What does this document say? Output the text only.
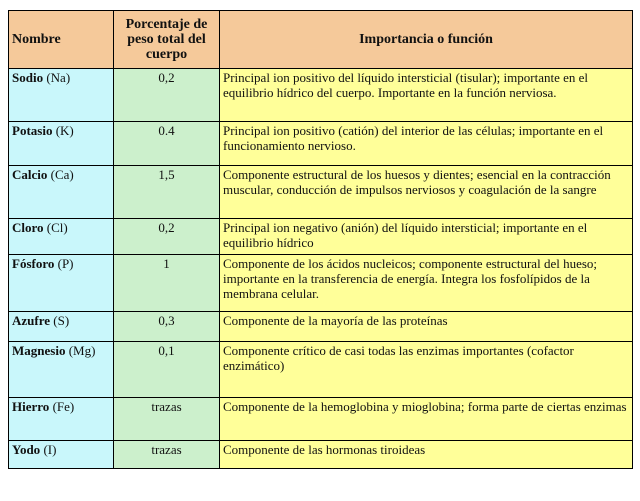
Nombre	Porcentaje de peso total del cuerpo	Importancia o función
Sodio (Na)	0,2	Principal ion positivo del líquido intersticial (tisular); importante en el equilibrio hídrico del cuerpo. Importante en la función nerviosa.
Potasio (K)	0.4	Principal ion positivo (catión) del interior de las células; importante en el funcionamiento nervioso.
Calcio (Ca)	1,5	Componente estructural de los huesos y dientes; esencial en la contracción muscular, conducción de impulsos nerviosos y coagulación de la sangre
Cloro (Cl)	0,2	Principal ion negativo (anión) del líquido intersticial; importante en el equilibrio hídrico
Fósforo (P)	1	Componente de los ácidos nucleicos; componente estructural del hueso; importante en la transferencia de energía. Integra los fosfolípidos de la membrana celular.
Azufre (S)	0,3	Componente de la mayoría de las proteínas
Magnesio (Mg)	0,1	Componente crítico de casi todas las enzimas importantes (cofactor enzimático)
Hierro (Fe)	trazas	Componente de la hemoglobina y mioglobina; forma parte de ciertas enzimas
Yodo (I)	trazas	Componente de las hormonas tiroideas
